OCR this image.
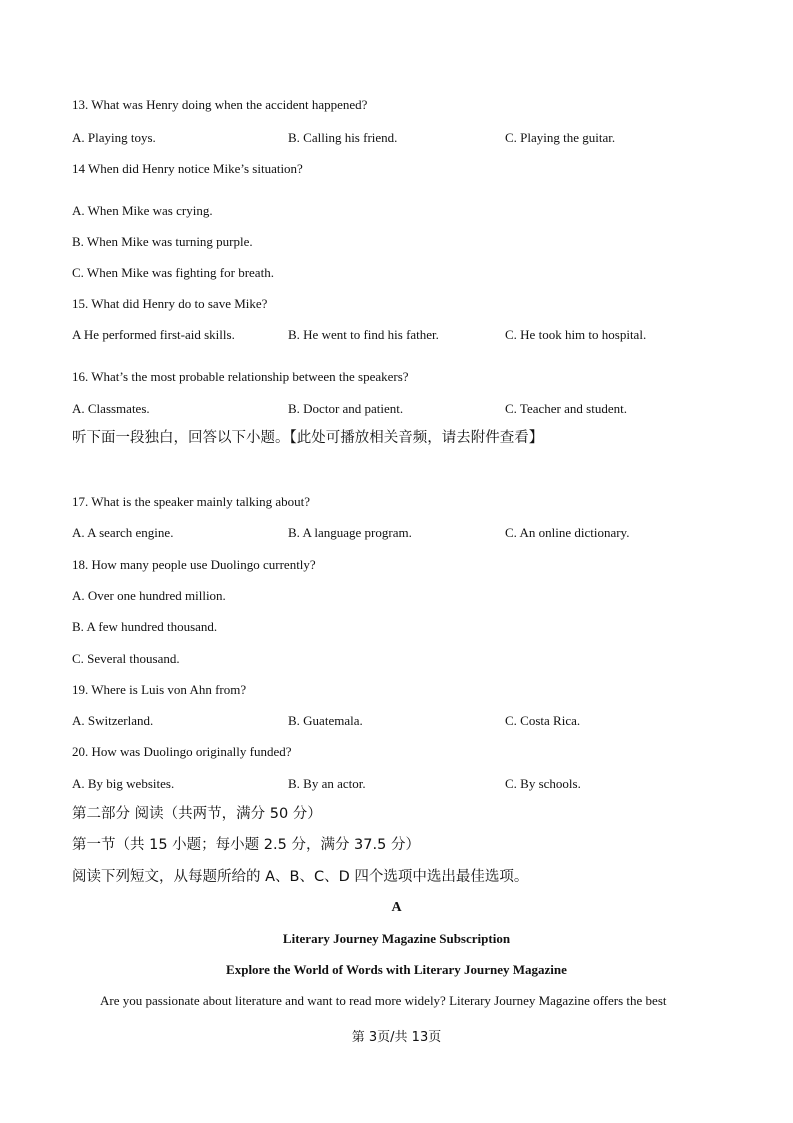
13. What was Henry doing when the accident happened?
A. Playing toys.	B. Calling his friend.	C. Playing the guitar.
14 When did Henry notice Mike’s situation?
A. When Mike was crying.
B. When Mike was turning purple.
C. When Mike was fighting for breath.
15. What did Henry do to save Mike?
A He performed first-aid skills.	B. He went to find his father.	C. He took him to hospital.
16. What’s the most probable relationship between the speakers?
A. Classmates.	B. Doctor and patient.	C. Teacher and student.
听下面一段独白，回答以下小题。【此处可播放相关音频，请去附件查看】
17. What is the speaker mainly talking about?
A. A search engine.	B. A language program.	C. An online dictionary.
18. How many people use Duolingo currently?
A. Over one hundred million.
B. A few hundred thousand.
C. Several thousand.
19. Where is Luis von Ahn from?
A. Switzerland.	B. Guatemala.	C. Costa Rica.
20. How was Duolingo originally funded?
A. By big websites.	B. By an actor.	C. By schools.
第二部分 阅读（共两节，满分 50 分）
第一节（共 15 小题；每小题 2.5 分，满分 37.5 分）
阅读下列短文，从每题所给的 A、B、C、D 四个选项中选出最佳选项。
A
Literary Journey Magazine Subscription
Explore the World of Words with Literary Journey Magazine
Are you passionate about literature and want to read more widely? Literary Journey Magazine offers the best
第 3页/共 13页
